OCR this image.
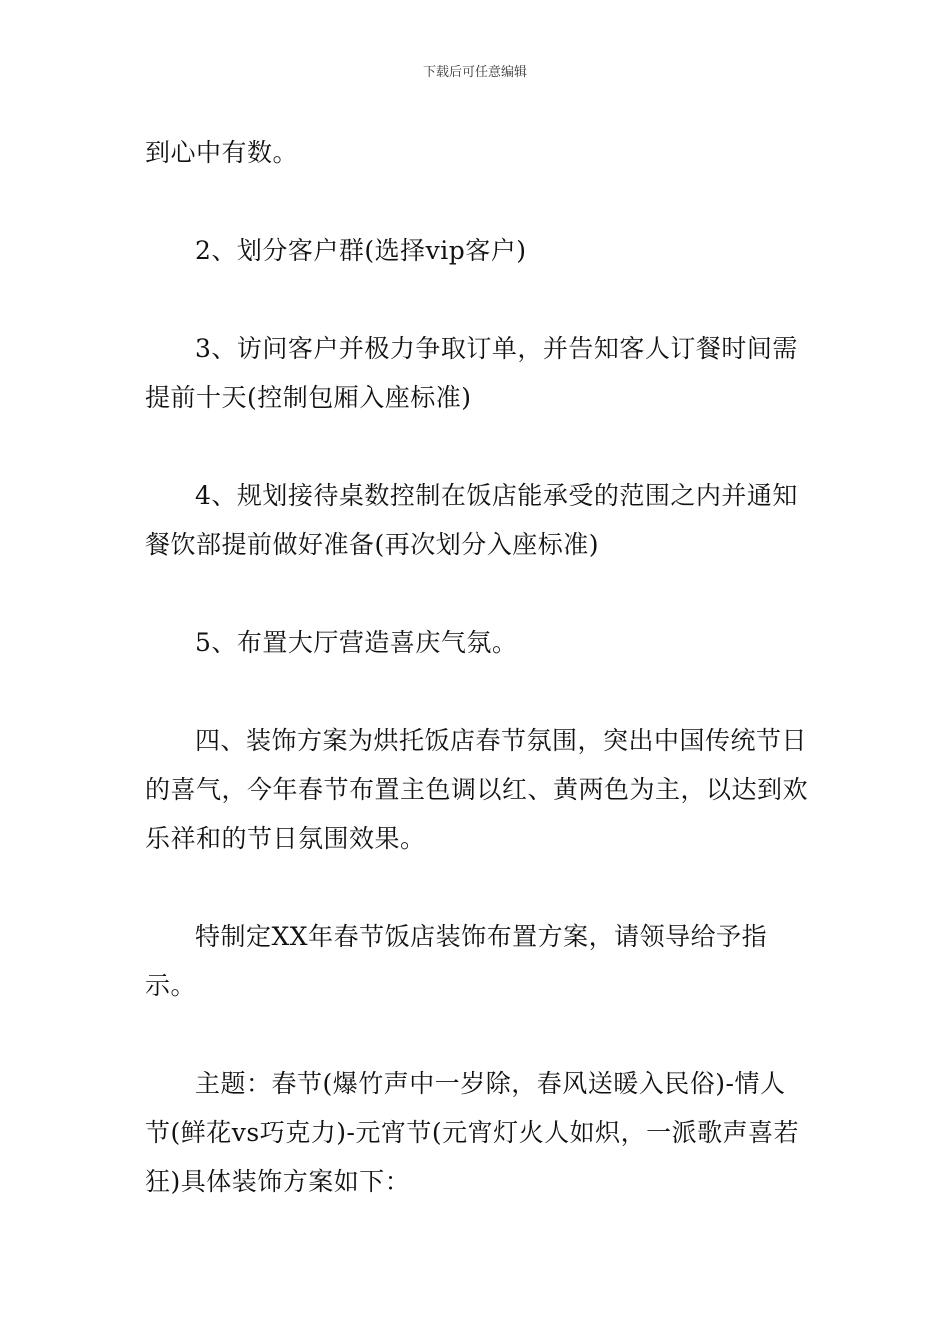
下载后可任意编辑

到心中有数。

2、划分客户群(选择vip客户)

3、访问客户并极力争取订单，并告知客人订餐时间需提前十天(控制包厢入座标准)

4、规划接待桌数控制在饭店能承受的范围之内并通知餐饮部提前做好准备(再次划分入座标准)

5、布置大厅营造喜庆气氛。

四、装饰方案为烘托饭店春节氛围，突出中国传统节日的喜气，今年春节布置主色调以红、黄两色为主，以达到欢乐祥和的节日氛围效果。

特制定XX年春节饭店装饰布置方案，请领导给予指示。

主题：春节(爆竹声中一岁除，春风送暖入民俗)-情人节(鲜花vs巧克力)-元宵节(元宵灯火人如炽，一派歌声喜若狂)具体装饰方案如下：
